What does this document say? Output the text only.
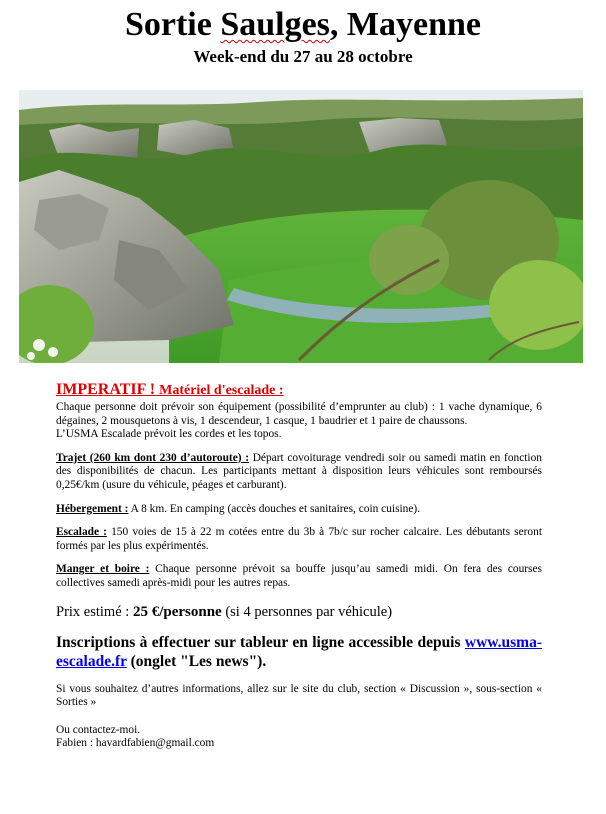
Sortie Saulges, Mayenne
Week-end du 27 au 28 octobre
IMPERATIF ! Matériel d'escalade :

Chaque personne doit prévoir son équipement (possibilité d’emprunter au club) : 1 vache dynamique, 6 dégaines, 2 mousquetons à vis, 1 descendeur, 1 casque, 1 baudrier et 1 paire de chaussons.

L’USMA Escalade prévoit les cordes et les topos.

Trajet (260 km dont 230 d’autoroute) : Départ covoiturage vendredi soir ou samedi matin en fonction des disponibilités de chacun. Les participants mettant à disposition leurs véhicules sont remboursés 0,25€/km (usure du véhicule, péages et carburant).

Hébergement : A 8 km. En camping (accès douches et sanitaires, coin cuisine).

Escalade : 150 voies de 15 à 22 m cotées entre du 3b à 7b/c sur rocher calcaire. Les débutants seront formés par les plus expérimentés.

Manger et boire : Chaque personne prévoit sa bouffe jusqu’au samedi midi. On fera des courses collectives samedi après-midi pour les autres repas.

Prix estimé : 25 €/personne (si 4 personnes par véhicule)

Inscriptions à effectuer sur tableur en ligne accessible depuis www.usma-escalade.fr (onglet "Les news").

Si vous souhaitez d’autres informations, allez sur le site du club, section « Discussion », sous-section « Sorties »

Ou contactez-moi.

Fabien : havardfabien@gmail.com
